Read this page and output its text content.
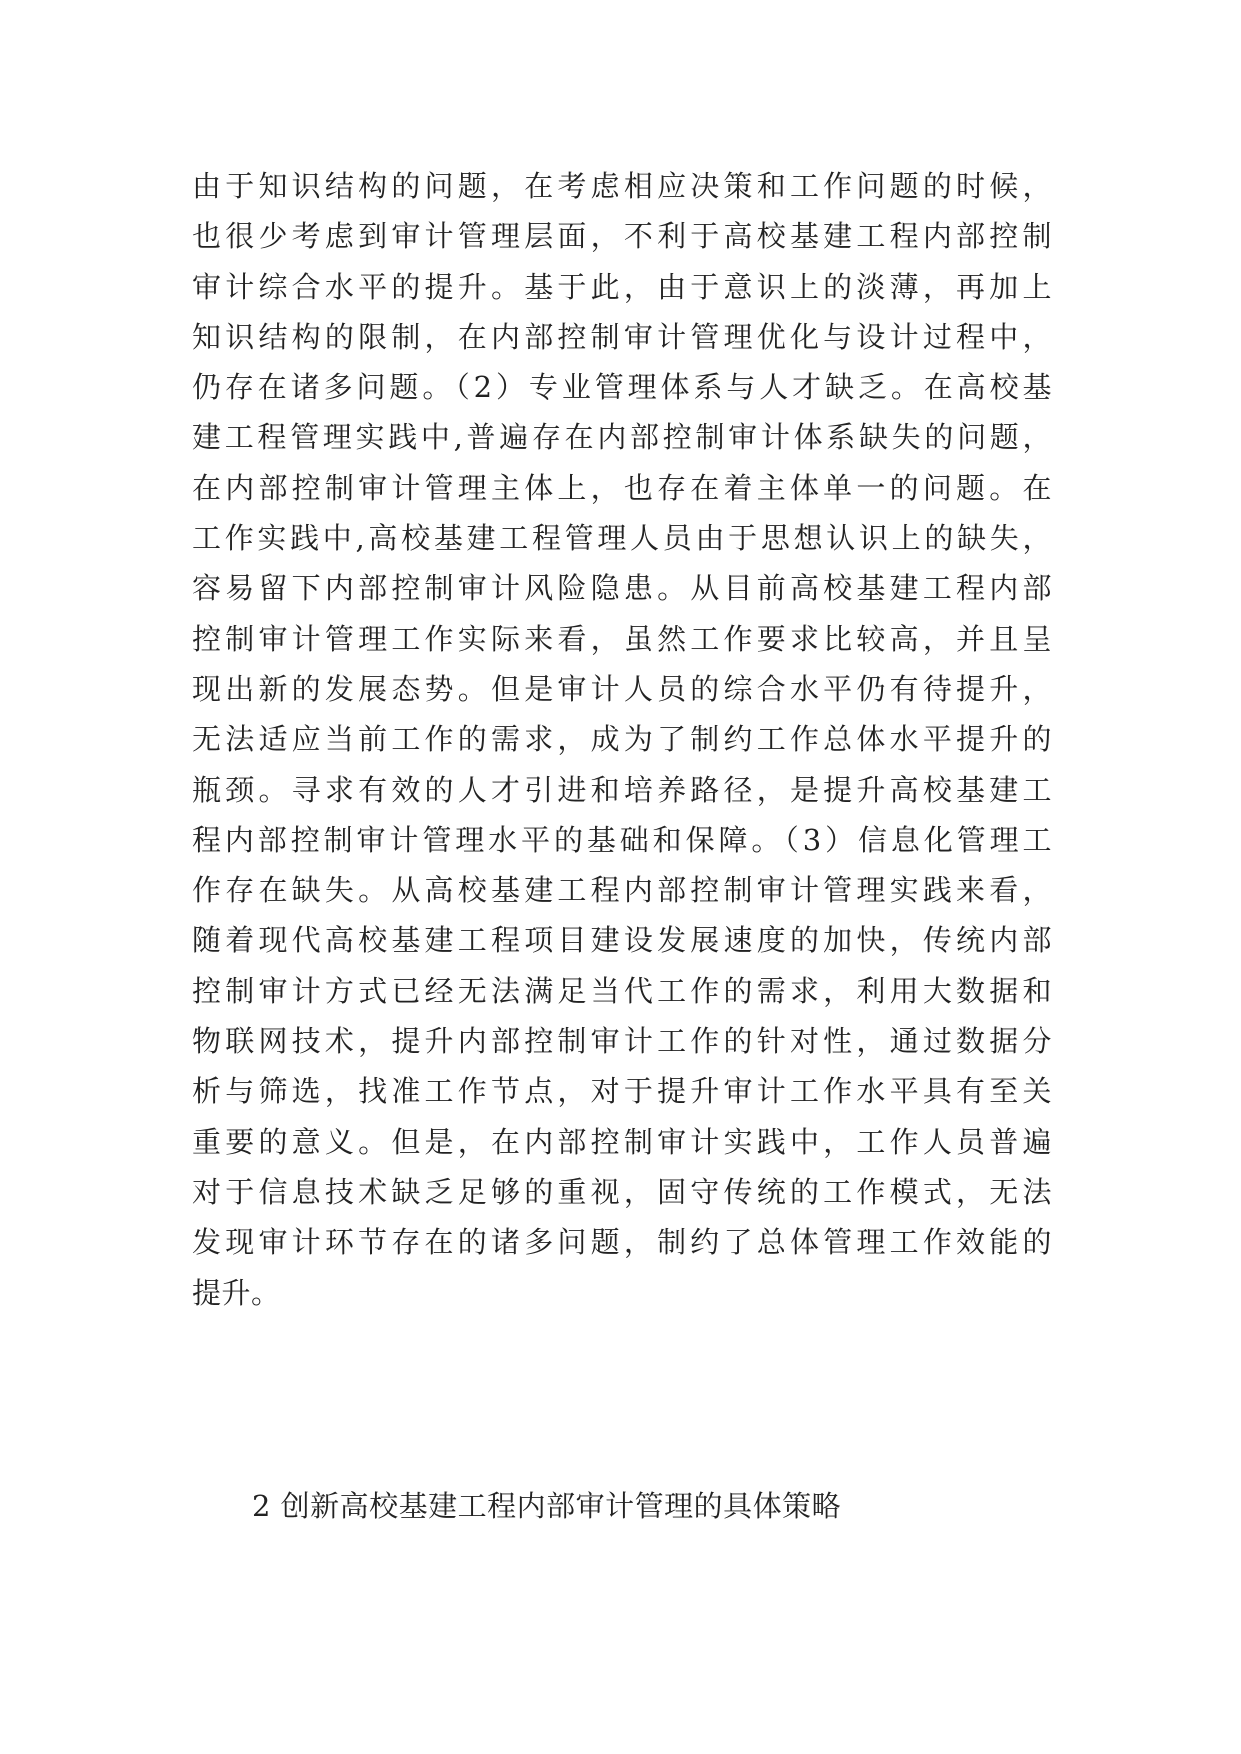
由于知识结构的问题，在考虑相应决策和工作问题的时候，
也很少考虑到审计管理层面，不利于高校基建工程内部控制
审计综合水平的提升。基于此，由于意识上的淡薄，再加上
知识结构的限制，在内部控制审计管理优化与设计过程中，
仍存在诸多问题。（2）专业管理体系与人才缺乏。在高校基
建工程管理实践中,普遍存在内部控制审计体系缺失的问题，
在内部控制审计管理主体上，也存在着主体单一的问题。在
工作实践中,高校基建工程管理人员由于思想认识上的缺失，
容易留下内部控制审计风险隐患。从目前高校基建工程内部
控制审计管理工作实际来看，虽然工作要求比较高，并且呈
现出新的发展态势。但是审计人员的综合水平仍有待提升，
无法适应当前工作的需求，成为了制约工作总体水平提升的
瓶颈。寻求有效的人才引进和培养路径，是提升高校基建工
程内部控制审计管理水平的基础和保障。（3）信息化管理工
作存在缺失。从高校基建工程内部控制审计管理实践来看，
随着现代高校基建工程项目建设发展速度的加快，传统内部
控制审计方式已经无法满足当代工作的需求，利用大数据和
物联网技术，提升内部控制审计工作的针对性，通过数据分
析与筛选，找准工作节点，对于提升审计工作水平具有至关
重要的意义。但是，在内部控制审计实践中，工作人员普遍
对于信息技术缺乏足够的重视，固守传统的工作模式，无法
发现审计环节存在的诸多问题，制约了总体管理工作效能的
提升。
2 创新高校基建工程内部审计管理的具体策略
